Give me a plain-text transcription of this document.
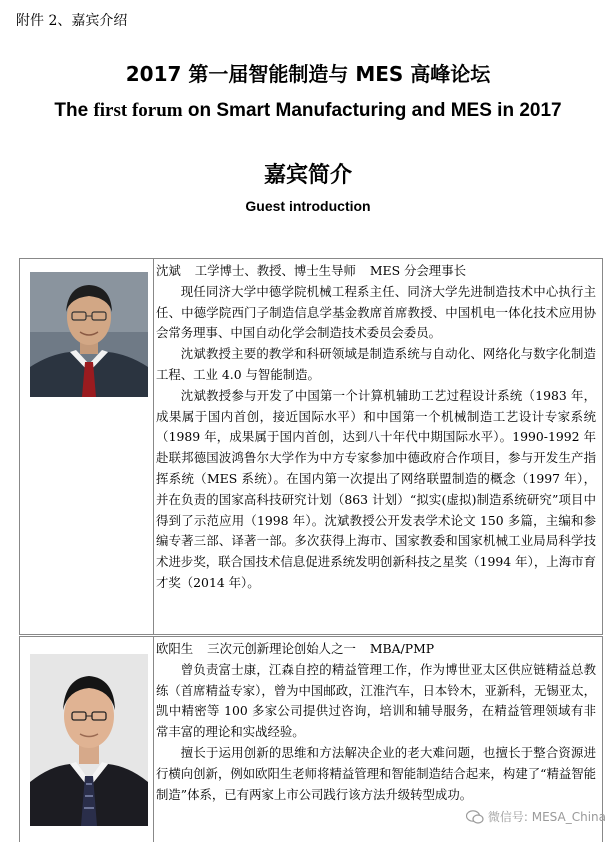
附件 2、嘉宾介绍
2017 第一届智能制造与 MES 高峰论坛
The first forum on Smart Manufacturing and MES in 2017
嘉宾简介
Guest introduction

沈斌 工学博士、教授、博士生导师 MES 分会理事长

现任同济大学中德学院机械工程系主任、同济大学先进制造技术中心执行主任、中德学院西门子制造信息学基金教席首席教授、中国机电一体化技术应用协会常务理事、中国自动化学会制造技术委员会委员。

沈斌教授主要的教学和科研领域是制造系统与自动化、网络化与数字化制造工程、工业 4.0 与智能制造。

沈斌教授参与开发了中国第一个计算机辅助工艺过程设计系统（1983 年，成果属于国内首创，接近国际水平）和中国第一个机械制造工艺设计专家系统（1989 年，成果属于国内首创，达到八十年代中期国际水平）。1990-1992 年赴联邦德国波鸿鲁尔大学作为中方专家参加中德政府合作项目，参与开发生产指挥系统（MES 系统）。在国内第一次提出了网络联盟制造的概念（1997 年），并在负责的国家高科技研究计划（863 计划）“拟实(虚拟)制造系统研究”项目中得到了示范应用（1998 年）。沈斌教授公开发表学术论文 150 多篇，主编和参编专著三部、译著一部。多次获得上海市、国家教委和国家机械工业局局科学技术进步奖，联合国技术信息促进系统发明创新科技之星奖（1994 年），上海市育才奖（2014 年）。

欧阳生 三次元创新理论创始人之一 MBA/PMP

曾负责富士康，江森自控的精益管理工作，作为博世亚太区供应链精益总教练（首席精益专家），曾为中国邮政，江淮汽车，日本铃木，亚新科，无锡亚太，凯中精密等 100 多家公司提供过咨询，培训和辅导服务，在精益管理领域有非常丰富的理论和实战经验。

擅长于运用创新的思维和方法解决企业的老大难问题，也擅长于整合资源进行横向创新，例如欧阳生老师将精益管理和智能制造结合起来，构建了“精益智能制造”体系，已有两家上市公司践行该方法升级转型成功。

微信号: MESA_China
